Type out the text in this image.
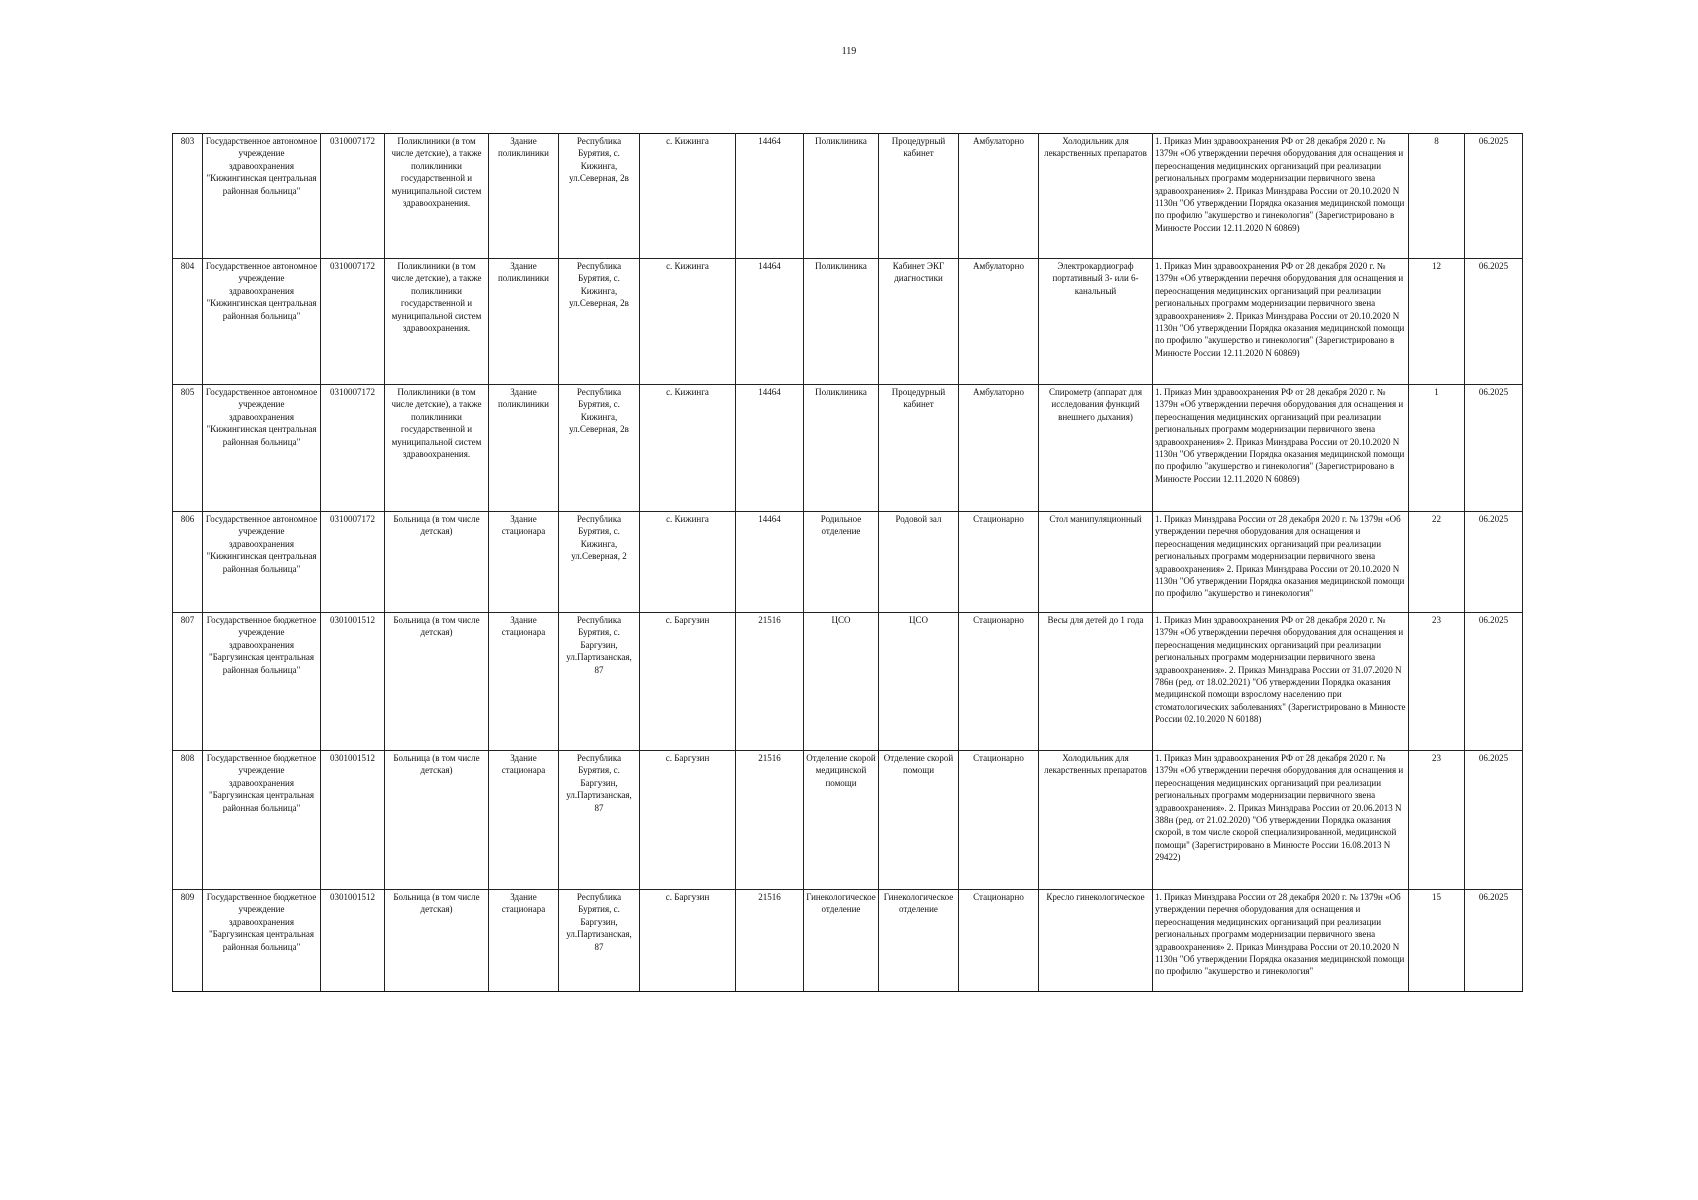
119
803	Государственное автономное учреждение здравоохранения "Кижингинская центральная районная больница"	0310007172	Поликлиники (в том числе детские), а также поликлиники государственной и муниципальной систем здравоохранения.	Здание поликлиники	Республика Бурятия, с. Кижинга, ул.Северная, 2в	с. Кижинга	14464	Поликлиника	Процедурный кабинет	Амбулаторно	Холодильник для лекарственных препаратов	1. Приказ Мин здравоохранения РФ от 28 декабря 2020 г. № 1379н «Об утверждении перечня оборудования для оснащения и переоснащения медицинских организаций при реализации региональных программ модернизации первичного звена здравоохранения» 2. Приказ Минздрава России от 20.10.2020 N 1130н "Об утверждении Порядка оказания медицинской помощи по профилю "акушерство и гинекология" (Зарегистрировано в Минюсте России 12.11.2020 N 60869)	8	06.2025
804	Государственное автономное учреждение здравоохранения "Кижингинская центральная районная больница"	0310007172	Поликлиники (в том числе детские), а также поликлиники государственной и муниципальной систем здравоохранения.	Здание поликлиники	Республика Бурятия, с. Кижинга, ул.Северная, 2в	с. Кижинга	14464	Поликлиника	Кабинет ЭКГ диагностики	Амбулаторно	Электрокардиограф портативный 3- или 6-канальный	1. Приказ Мин здравоохранения РФ от 28 декабря 2020 г. № 1379н «Об утверждении перечня оборудования для оснащения и переоснащения медицинских организаций при реализации региональных программ модернизации первичного звена здравоохранения» 2. Приказ Минздрава России от 20.10.2020 N 1130н "Об утверждении Порядка оказания медицинской помощи по профилю "акушерство и гинекология" (Зарегистрировано в Минюсте России 12.11.2020 N 60869)	12	06.2025
805	Государственное автономное учреждение здравоохранения "Кижингинская центральная районная больница"	0310007172	Поликлиники (в том числе детские), а также поликлиники государственной и муниципальной систем здравоохранения.	Здание поликлиники	Республика Бурятия, с. Кижинга, ул.Северная, 2в	с. Кижинга	14464	Поликлиника	Процедурный кабинет	Амбулаторно	Спирометр (аппарат для исследования функций внешнего дыхания)	1. Приказ Мин здравоохранения РФ от 28 декабря 2020 г. № 1379н «Об утверждении перечня оборудования для оснащения и переоснащения медицинских организаций при реализации региональных программ модернизации первичного звена здравоохранения» 2. Приказ Минздрава России от 20.10.2020 N 1130н "Об утверждении Порядка оказания медицинской помощи по профилю "акушерство и гинекология" (Зарегистрировано в Минюсте России 12.11.2020 N 60869)	1	06.2025
806	Государственное автономное учреждение здравоохранения "Кижингинская центральная районная больница"	0310007172	Больница (в том числе детская)	Здание стационара	Республика Бурятия, с. Кижинга, ул.Северная, 2	с. Кижинга	14464	Родильное отделение	Родовой зал	Стационарно	Стол манипуляционный	1. Приказ Минздрава России от 28 декабря 2020 г. № 1379н «Об утверждении перечня оборудования для оснащения и переоснащения медицинских организаций при реализации региональных программ модернизации первичного звена здравоохранения» 2. Приказ Минздрава России от 20.10.2020 N 1130н "Об утверждении Порядка оказания медицинской помощи по профилю "акушерство и гинекология"	22	06.2025
807	Государственное бюджетное учреждение здравоохранения "Баргузинская центральная районная больница"	0301001512	Больница (в том числе детская)	Здание стационара	Республика Бурятия, с. Баргузин, ул.Партизанская, 87	с. Баргузин	21516	ЦСО	ЦСО	Стационарно	Весы для детей до 1 года	1. Приказ Мин здравоохранения РФ от 28 декабря 2020 г. № 1379н «Об утверждении перечня оборудования для оснащения и переоснащения медицинских организаций при реализации региональных программ модернизации первичного звена здравоохранения». 2. Приказ Минздрава России от 31.07.2020 N 786н (ред. от 18.02.2021) "Об утверждении Порядка оказания медицинской помощи взрослому населению при стоматологических заболеваниях" (Зарегистрировано в Минюсте России 02.10.2020 N 60188)	23	06.2025
808	Государственное бюджетное учреждение здравоохранения "Баргузинская центральная районная больница"	0301001512	Больница (в том числе детская)	Здание стационара	Республика Бурятия, с. Баргузин, ул.Партизанская, 87	с. Баргузин	21516	Отделение скорой медицинской помощи	Отделение скорой помощи	Стационарно	Холодильник для лекарственных препаратов	1. Приказ Мин здравоохранения РФ от 28 декабря 2020 г. № 1379н «Об утверждении перечня оборудования для оснащения и переоснащения медицинских организаций при реализации региональных программ модернизации первичного звена здравоохранения». 2. Приказ Минздрава России от 20.06.2013 N 388н (ред. от 21.02.2020) "Об утверждении Порядка оказания скорой, в том числе скорой специализированной, медицинской помощи" (Зарегистрировано в Минюсте России 16.08.2013 N 29422)	23	06.2025
809	Государственное бюджетное учреждение здравоохранения "Баргузинская центральная районная больница"	0301001512	Больница (в том числе детская)	Здание стационара	Республика Бурятия, с. Баргузин, ул.Партизанская, 87	с. Баргузин	21516	Гинекологическое отделение	Гинекологическое отделение	Стационарно	Кресло гинекологическое	1. Приказ Минздрава России от 28 декабря 2020 г. № 1379н «Об утверждении перечня оборудования для оснащения и переоснащения медицинских организаций при реализации региональных программ модернизации первичного звена здравоохранения» 2. Приказ Минздрава России от 20.10.2020 N 1130н "Об утверждении Порядка оказания медицинской помощи по профилю "акушерство и гинекология"	15	06.2025
